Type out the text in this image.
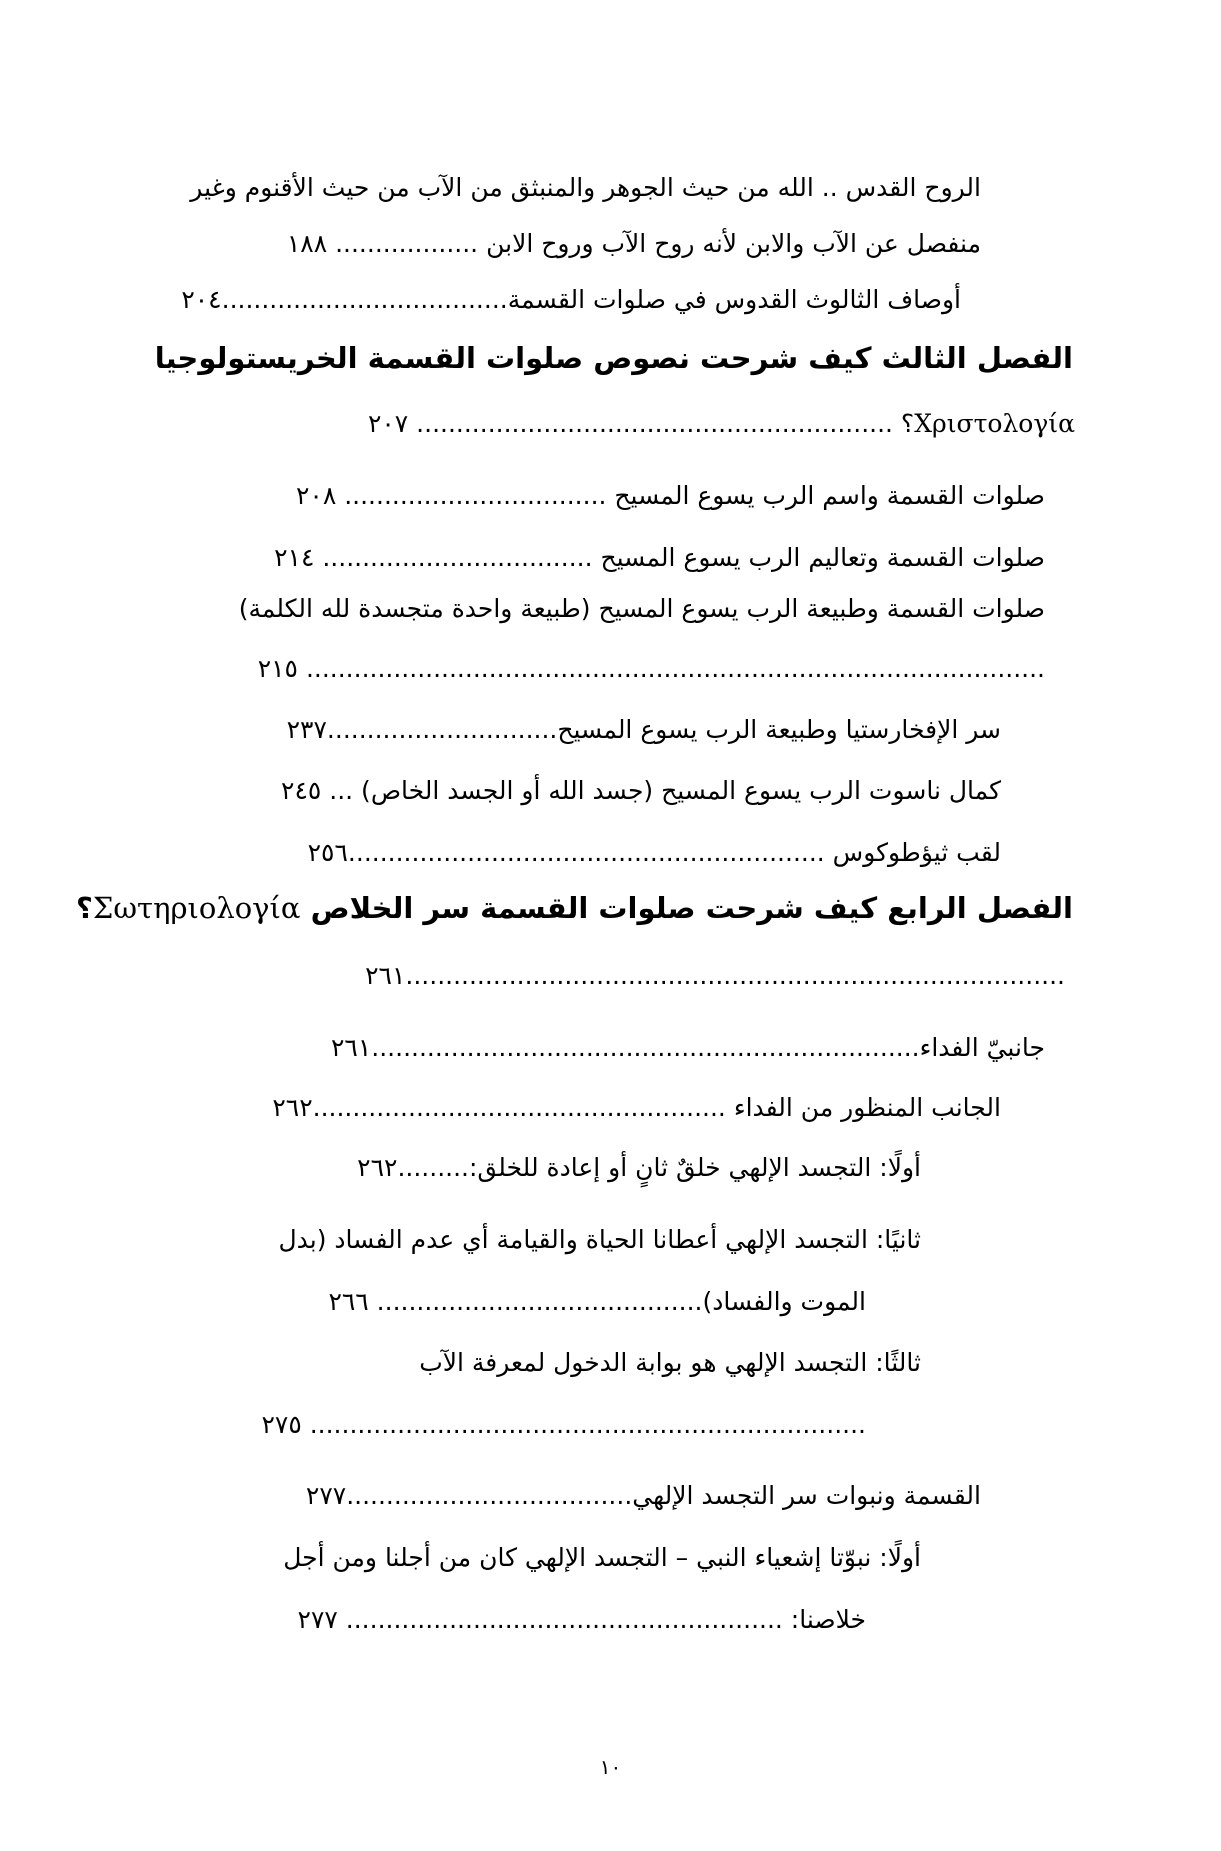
الروح القدس .. الله من حيث الجوهر والمنبثق من الآب من حيث الأقنوم وغير
منفصل عن الآب والابن لأنه روح الآب وروح الابن .................. ١٨٨
أوصاف الثالوث القدوس في صلوات القسمة....................................٢٠٤
الفصل الثالث كيف شرحت نصوص صلوات القسمة الخريستولوجيا
Χριστολογία؟ ............................................................ ٢٠٧
صلوات القسمة واسم الرب يسوع المسيح ................................. ٢٠٨
صلوات القسمة وتعاليم الرب يسوع المسيح .................................. ٢١٤
صلوات القسمة وطبيعة الرب يسوع المسيح (طبيعة واحدة متجسدة لله الكلمة)
............................................................................................. ٢١٥
سر الإفخارستيا وطبيعة الرب يسوع المسيح.............................٢٣٧
كمال ناسوت الرب يسوع المسيح (جسد الله أو الجسد الخاص) ... ٢٤٥
لقب ثيؤطوكوس ............................................................٢٥٦
الفصل الرابع كيف شرحت صلوات القسمة سر الخلاص Σωτηριολογία؟
...................................................................................٢٦١
جانبيّ الفداء.....................................................................٢٦١
الجانب المنظور من الفداء ....................................................٢٦٢
أولًا: التجسد الإلهي خلقٌ ثانٍ أو إعادة للخلق:.........٢٦٢
ثانيًا: التجسد الإلهي أعطانا الحياة والقيامة أي عدم الفساد (بدل
الموت والفساد)......................................... ٢٦٦
ثالثًا: التجسد الإلهي هو بوابة الدخول لمعرفة الآب
...................................................................... ٢٧٥
القسمة ونبوات سر التجسد الإلهي....................................٢٧٧
أولًا: نبوّتا إشعياء النبي – التجسد الإلهي كان من أجلنا ومن أجل
خلاصنا: ....................................................... ٢٧٧
١٠
